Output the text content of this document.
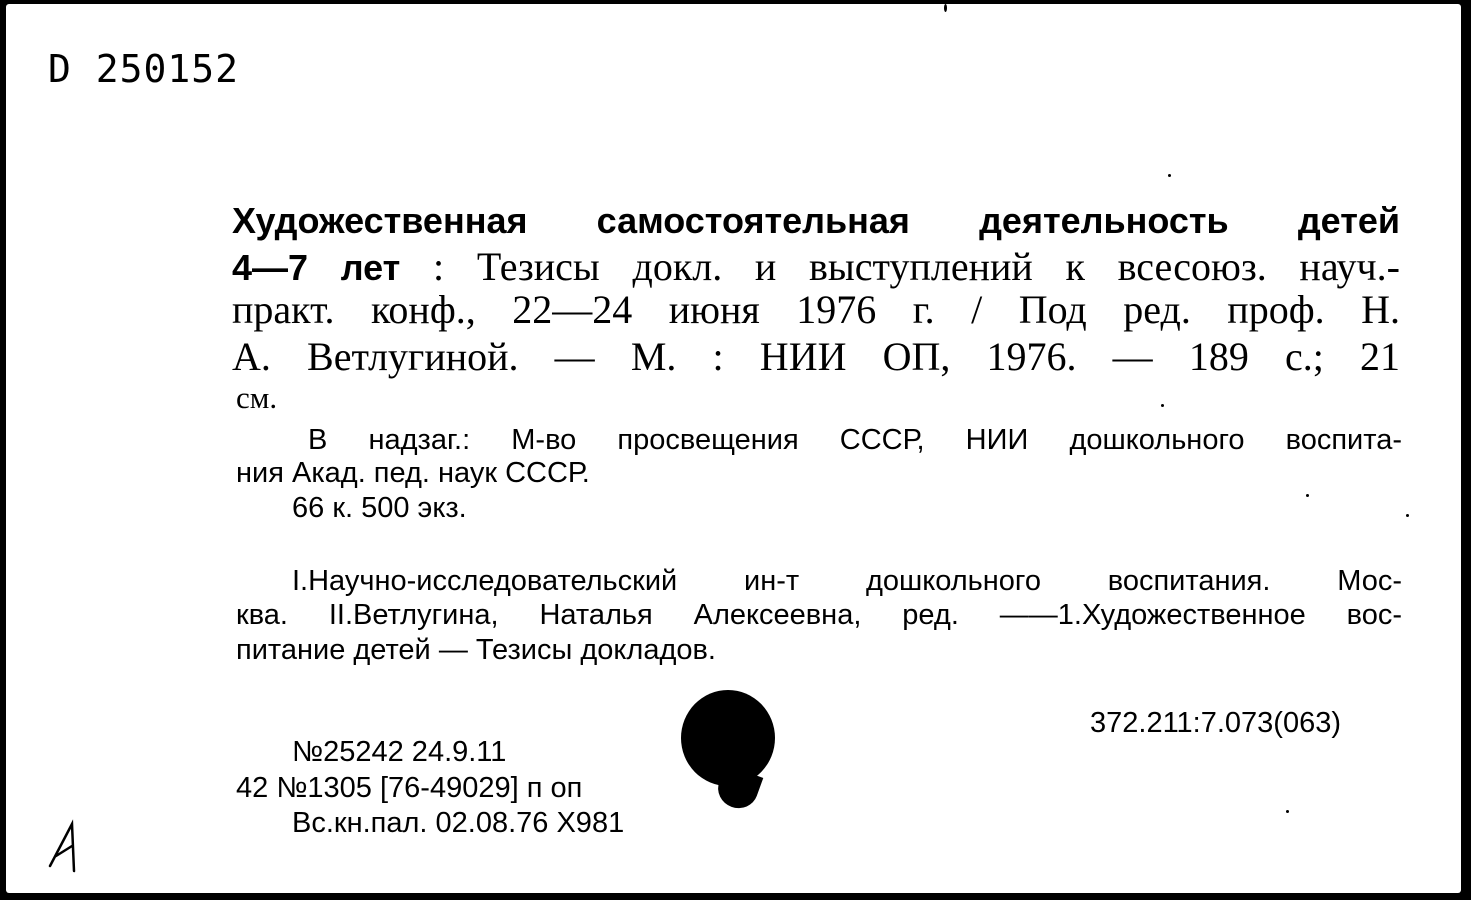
D 250152

Художественная самостоятельная деятельность детей

4—7 лет : Тезисы докл. и выступлений к всесоюз. науч.-

практ. конф., 22—24 июня 1976 г. / Под ред. проф. Н.

А. Ветлугиной. — М. : НИИ ОП, 1976. — 189 с.; 21

см.

В надзаг.: М-во просвещения СССР, НИИ дошкольного воспита-

ния Акад. пед. наук СССР.

66 к. 500 экз.

I.Научно-исследовательский ин-т дошкольного воспитания. Мос-

ква. II.Ветлугина, Наталья Алексеевна, ред. ——1.Художественное вос-

питание детей — Тезисы докладов.

372.211:7.073(063)

№25242 24.9.11

42 №1305 [76-49029] п оп

Вс.кн.пал. 02.08.76 X981
